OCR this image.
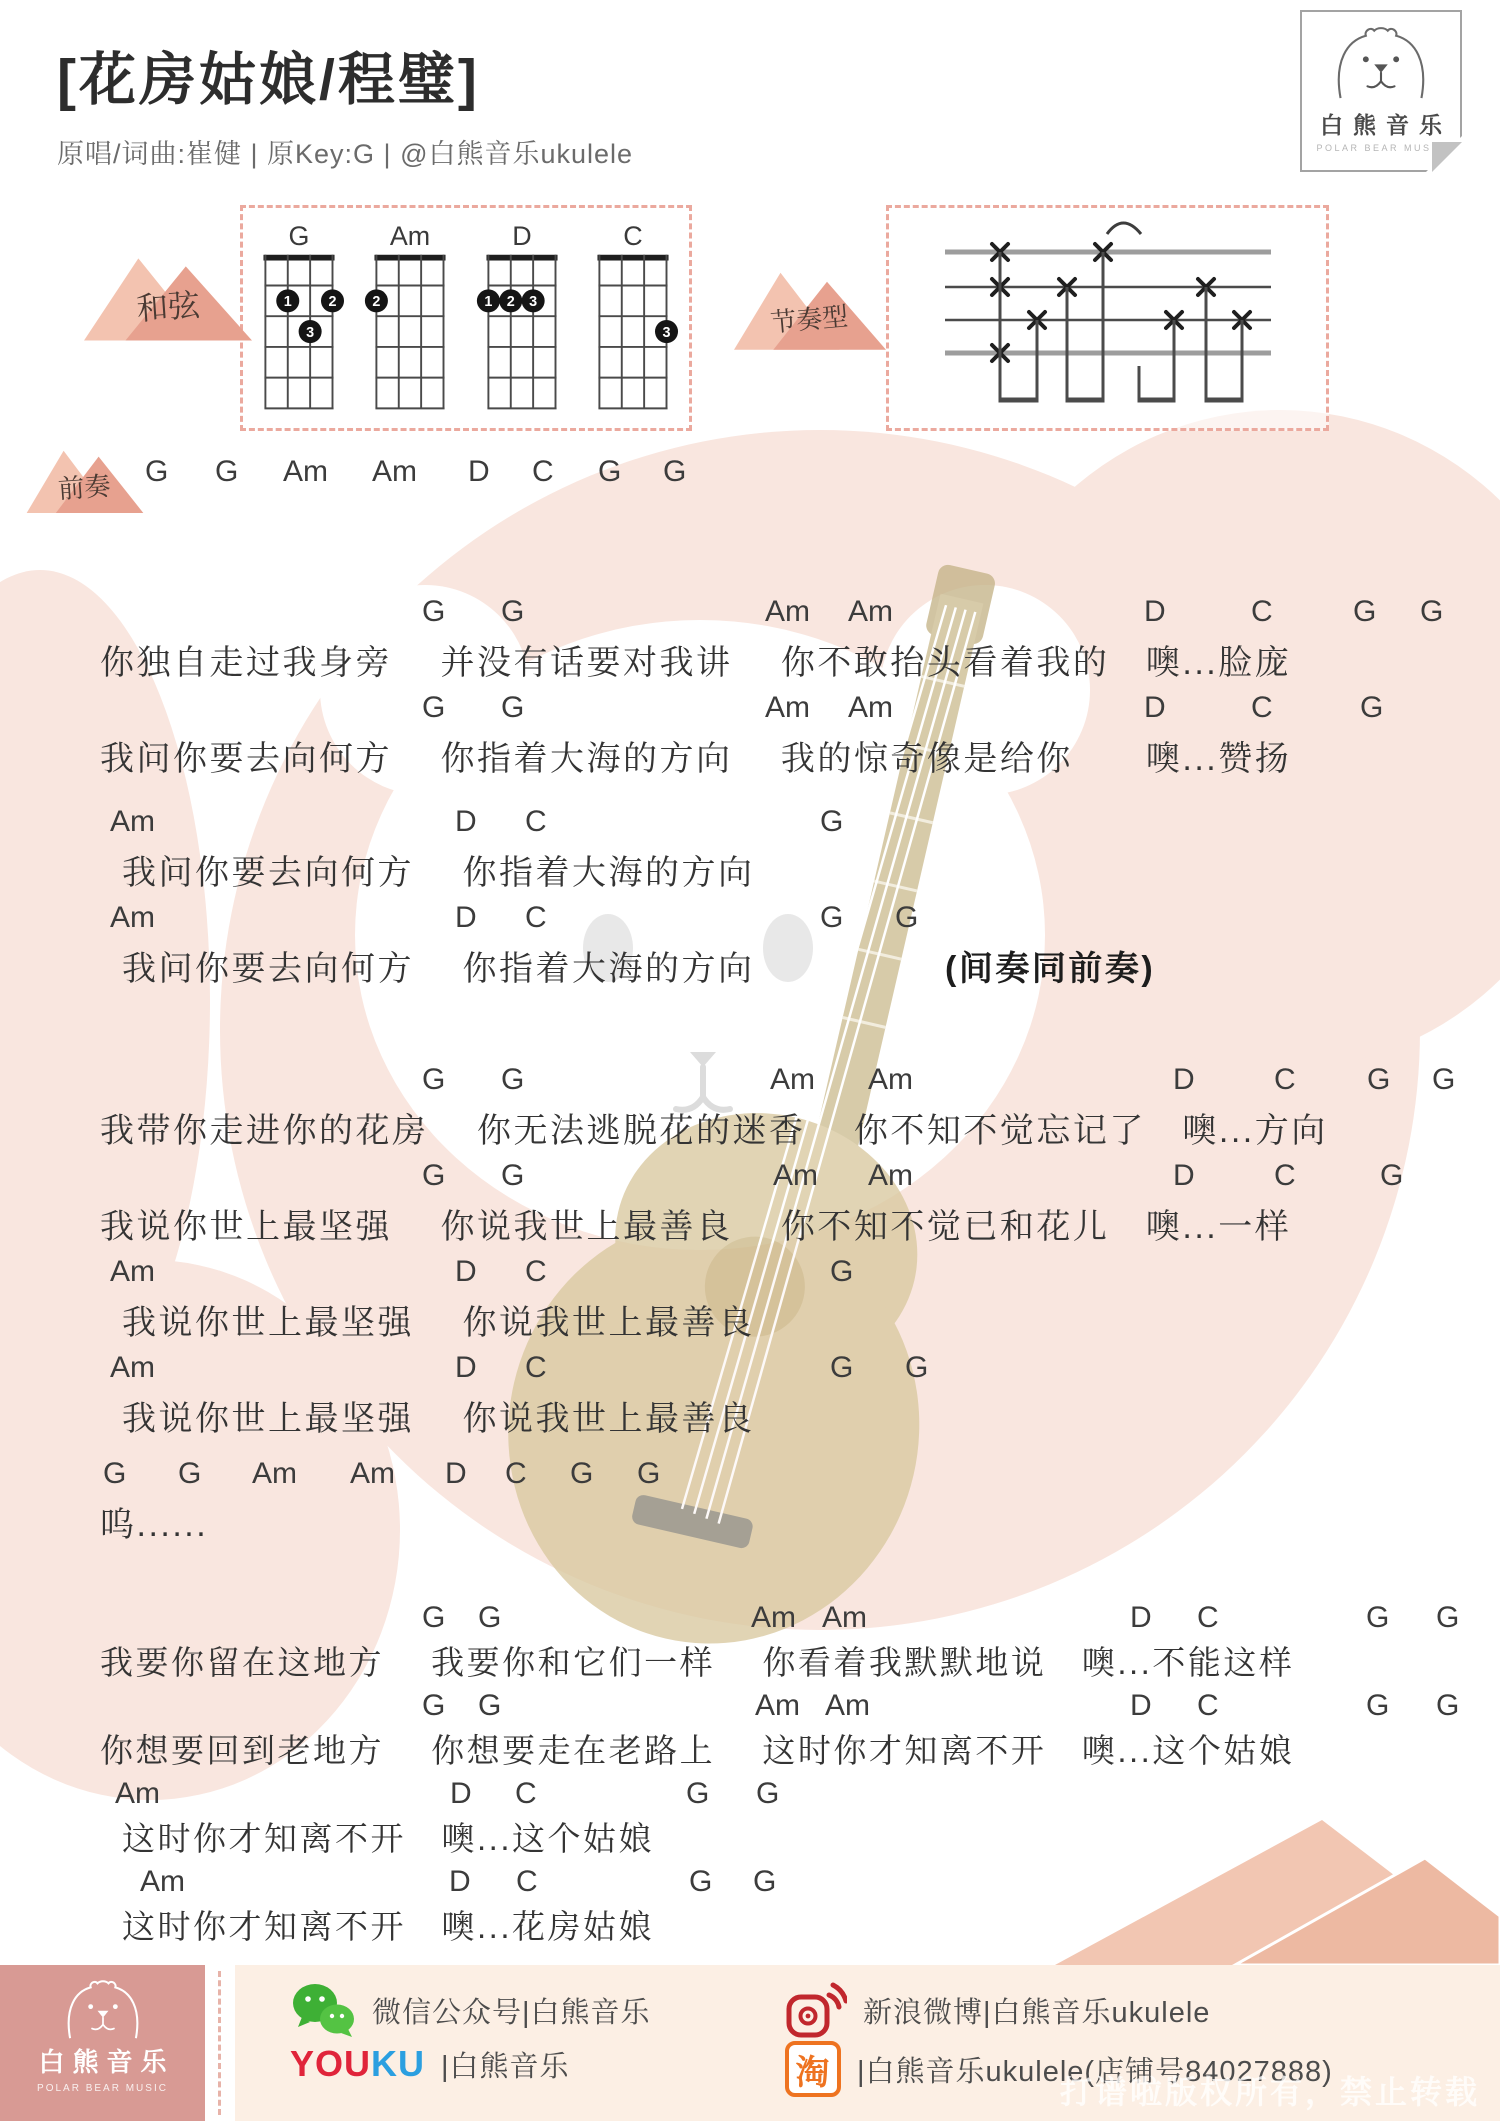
[花房姑娘/程璧]
原唱/词曲:崔健 | 原Key:G | @白熊音乐ukulele
白熊音乐
POLAR BEAR MUSIC
和弦
G
1 2
3
Am
2
D
1 2 3
C
3	节奏型
前奏 G G Am Am D C G G
G G	Am Am	D	C	G G
你独自走过我身旁　 并没有话要对我讲　 你不敢抬头看着我的　噢...脸庞
G G	Am Am	D	C	G
我问你要去向何方　 你指着大海的方向　 我的惊奇像是给你　　噢...赞扬
Am	D C	G
我问你要去向何方　 你指着大海的方向
Am	D C	G G
我问你要去向何方　 你指着大海的方向	(间奏同前奏)
G G	Am Am	D	C G G
我带你走进你的花房　 你无法逃脱花的迷香　 你不知不觉忘记了　噢...方向
G G	Am Am	D	C	G
我说你世上最坚强　 你说我世上最善良　 你不知不觉已和花儿　噢...一样
Am	D C	G
我说你世上最坚强　 你说我世上最善良
Am	D C	G G
我说你世上最坚强　 你说我世上最善良
G G Am Am D C G G
呜......
G G	Am Am	D C	G G
我要你留在这地方　 我要你和它们一样　 你看着我默默地说　噢...不能这样
G G	Am Am	D C	G G
你想要回到老地方　 你想要走在老路上　 这时你才知离不开　噢...这个姑娘
Am	D C	G G
这时你才知离不开　噢...这个姑娘
Am	D C	G G
这时你才知离不开　噢...花房姑娘
白熊音乐
POLAR BEAR MUSIC
微信公众号|白熊音乐	新浪微博|白熊音乐ukulele
YOUKU |白熊音乐	淘 |白熊音乐ukulele(店铺号84027888)
打谱啦版权所有，禁止转载
